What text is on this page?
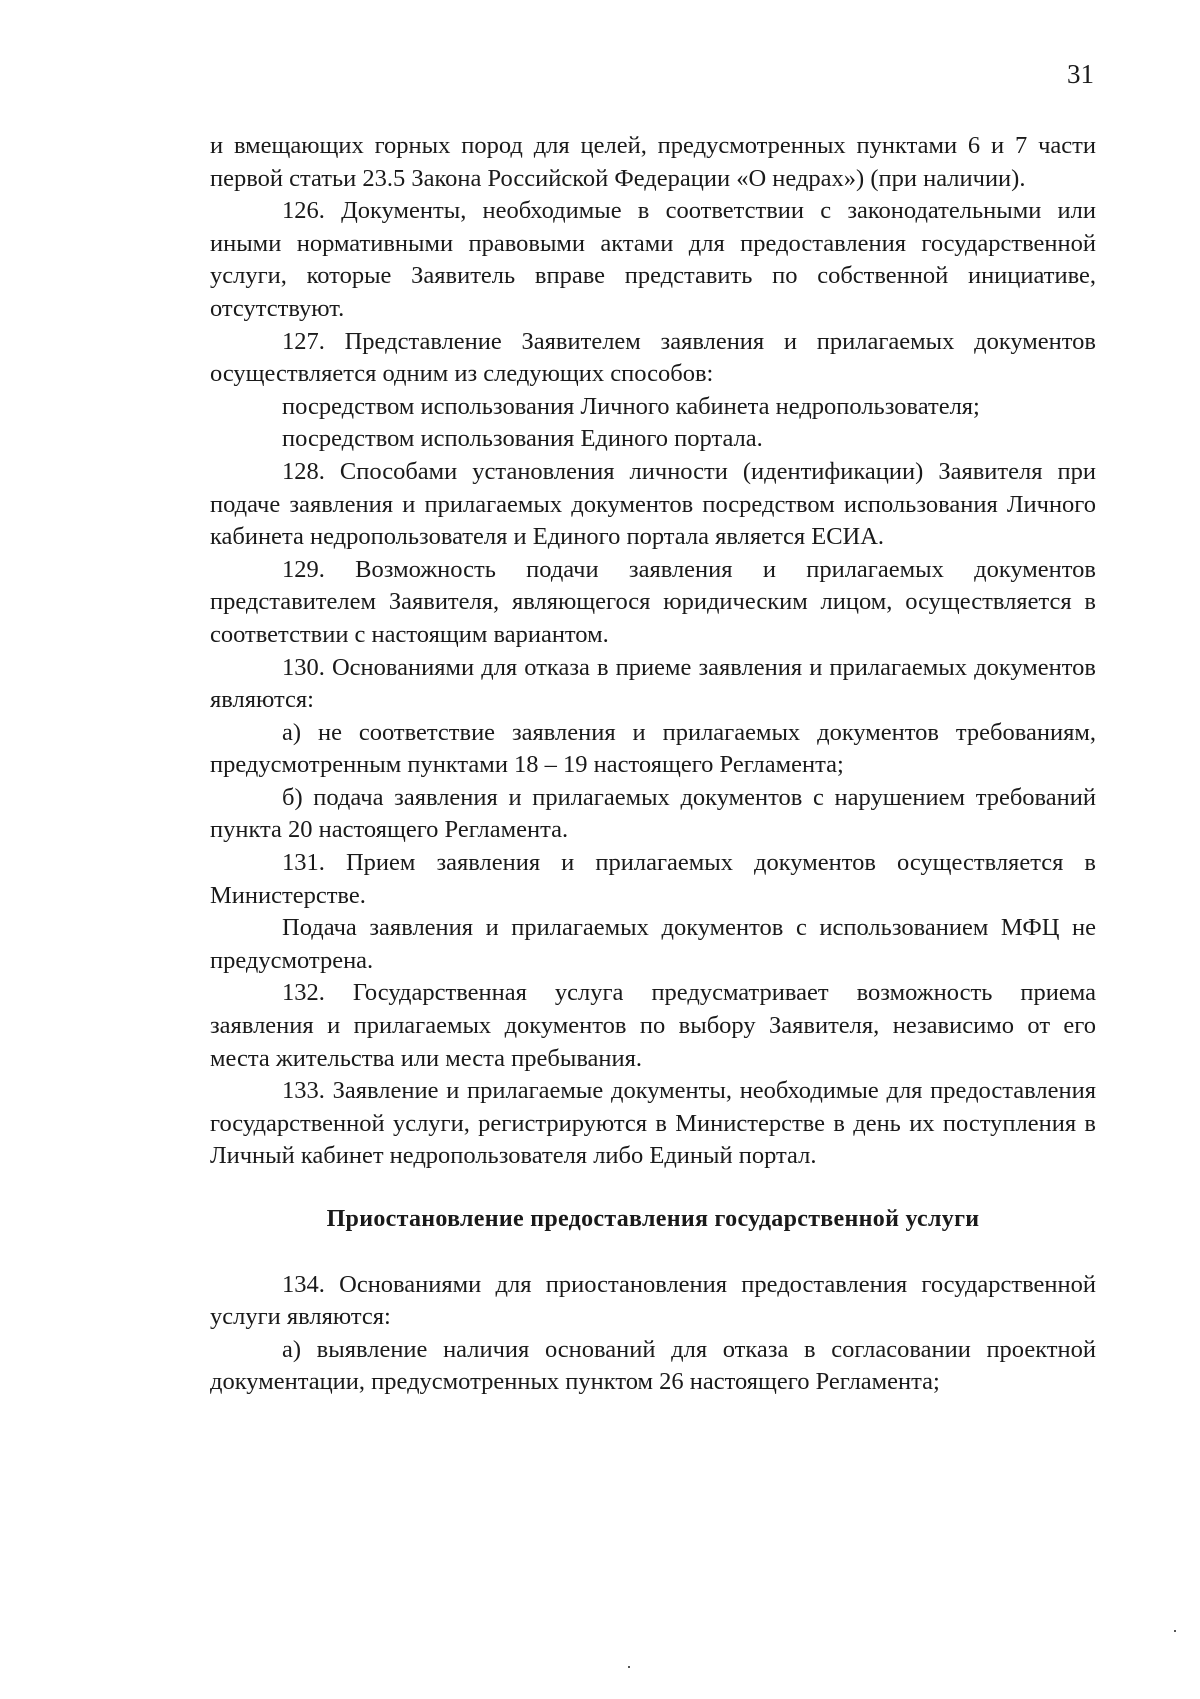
31

и вмещающих горных пород для целей, предусмотренных пунктами 6 и 7 части первой статьи 23.5 Закона Российской Федерации «О недрах») (при наличии).

126. Документы, необходимые в соответствии с законодательными или иными нормативными правовыми актами для предоставления государственной услуги, которые Заявитель вправе представить по собственной инициативе, отсутствуют.

127. Представление Заявителем заявления и прилагаемых документов осуществляется одним из следующих способов:

посредством использования Личного кабинета недропользователя;

посредством использования Единого портала.

128. Способами установления личности (идентификации) Заявителя при подаче заявления и прилагаемых документов посредством использования Личного кабинета недропользователя и Единого портала является ЕСИА.

129. Возможность подачи заявления и прилагаемых документов представителем Заявителя, являющегося юридическим лицом, осуществляется в соответствии с настоящим вариантом.

130. Основаниями для отказа в приеме заявления и прилагаемых документов являются:

а) не соответствие заявления и прилагаемых документов требованиям, предусмотренным пунктами 18 – 19 настоящего Регламента;

б) подача заявления и прилагаемых документов с нарушением требований пункта 20 настоящего Регламента.

131. Прием заявления и прилагаемых документов осуществляется в Министерстве.

Подача заявления и прилагаемых документов с использованием МФЦ не предусмотрена.

132. Государственная услуга предусматривает возможность приема заявления и прилагаемых документов по выбору Заявителя, независимо от его места жительства или места пребывания.

133. Заявление и прилагаемые документы, необходимые для предоставления государственной услуги, регистрируются в Министерстве в день их поступления в Личный кабинет недропользователя либо Единый портал.

Приостановление предоставления государственной услуги

134. Основаниями для приостановления предоставления государственной услуги являются:

а) выявление наличия оснований для отказа в согласовании проектной документации, предусмотренных пунктом 26 настоящего Регламента;
